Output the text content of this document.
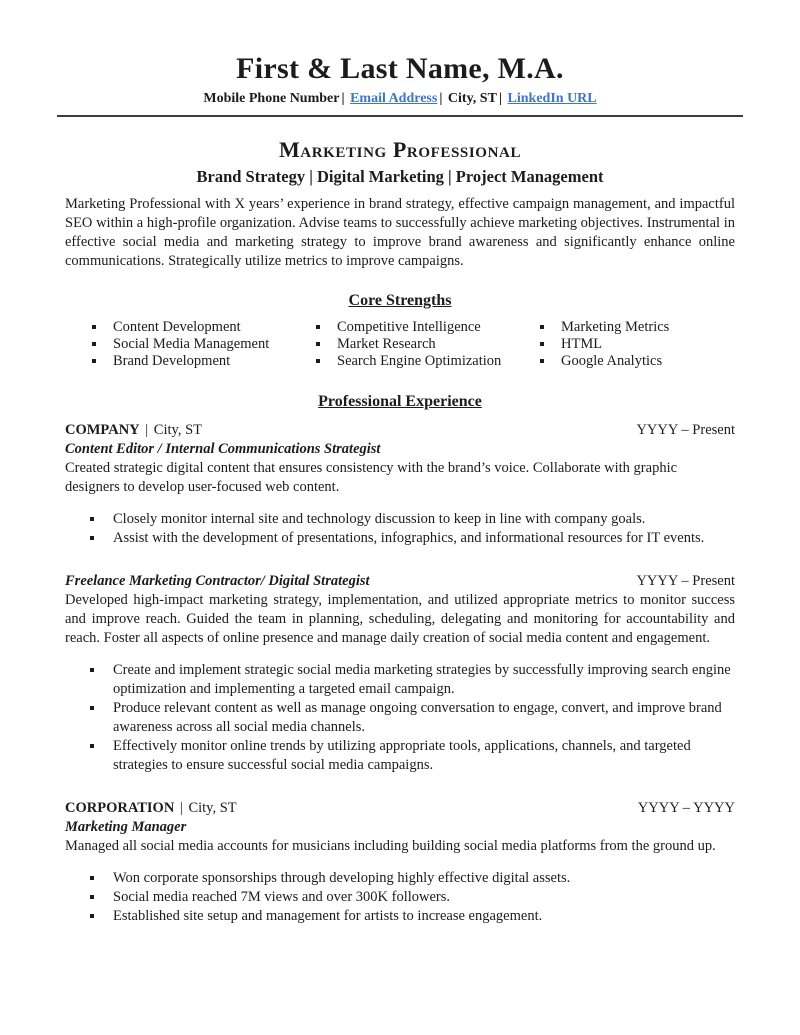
First & Last Name, M.A.
Mobile Phone Number | Email Address | City, ST | LinkedIn URL
Marketing Professional
Brand Strategy | Digital Marketing | Project Management

Marketing Professional with X years’ experience in brand strategy, effective campaign management, and impactful SEO within a high-profile organization. Advise teams to successfully achieve marketing objectives. Instrumental in effective social media and marketing strategy to improve brand awareness and significantly enhance online communications. Strategically utilize metrics to improve campaigns.

Core Strengths
Content Development	Competitive Intelligence	Marketing Metrics
Social Media Management	Market Research	HTML
Brand Development	Search Engine Optimization	Google Analytics
Professional Experience
COMPANY | City, ST	YYYY – Present
Content Editor / Internal Communications Strategist

Created strategic digital content that ensures consistency with the brand’s voice. Collaborate with graphic designers to develop user-focused web content.

Closely monitor internal site and technology discussion to keep in line with company goals.
Assist with the development of presentations, infographics, and informational resources for IT events.
Freelance Marketing Contractor/ Digital Strategist	YYYY – Present

Developed high-impact marketing strategy, implementation, and utilized appropriate metrics to monitor success and improve reach. Guided the team in planning, scheduling, delegating and monitoring for accountability and reach. Foster all aspects of online presence and manage daily creation of social media content and engagement.

Create and implement strategic social media marketing strategies by successfully improving search engine optimization and implementing a targeted email campaign.
Produce relevant content as well as manage ongoing conversation to engage, convert, and improve brand awareness across all social media channels.
Effectively monitor online trends by utilizing appropriate tools, applications, channels, and targeted strategies to ensure successful social media campaigns.
CORPORATION | City, ST	YYYY – YYYY
Marketing Manager

Managed all social media accounts for musicians including building social media platforms from the ground up.

Won corporate sponsorships through developing highly effective digital assets.
Social media reached 7M views and over 300K followers.
Established site setup and management for artists to increase engagement.
